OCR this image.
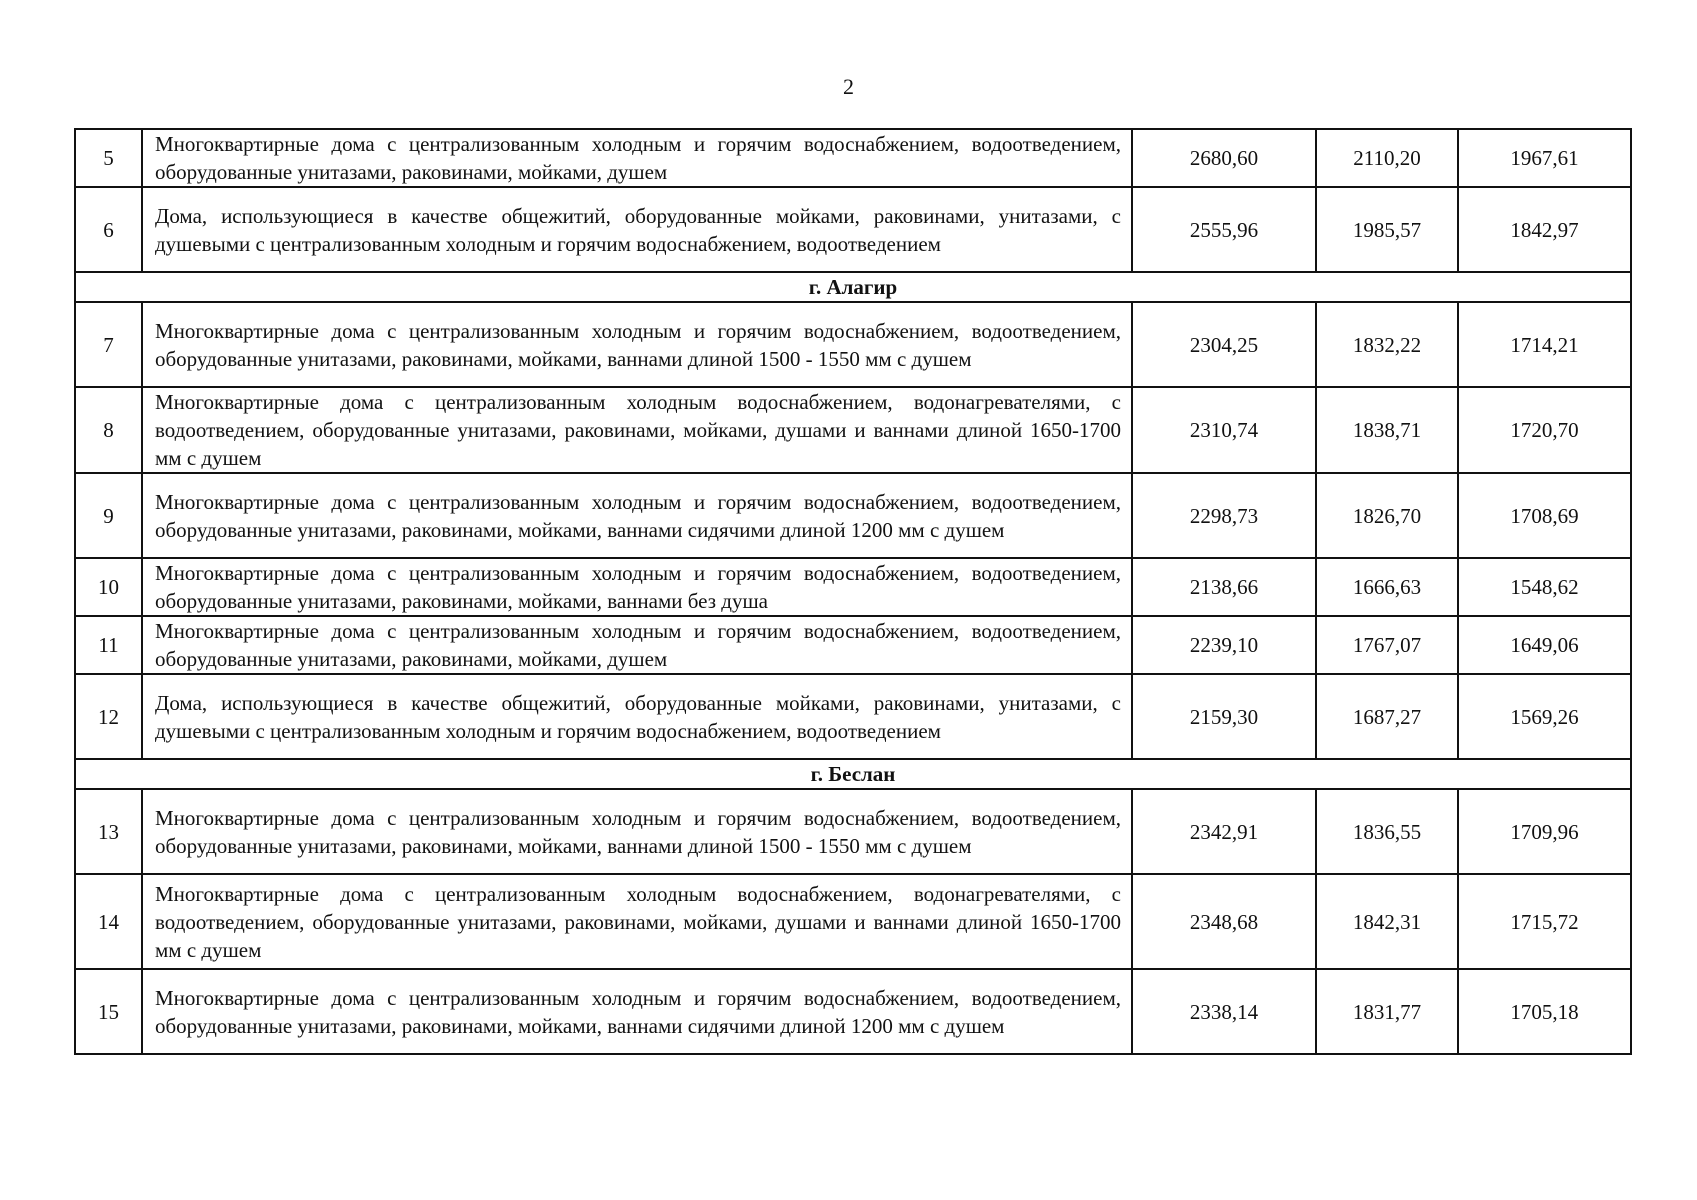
2
5	Многоквартирные дома с централизованным холодным и горячим водоснабжением, водоотведением, оборудованные унитазами, раковинами, мойками, душем	2680,60	2110,20	1967,61
6	Дома, использующиеся в качестве общежитий, оборудованные мойками, раковинами, унитазами, с душевыми с централизованным холодным и горячим водоснабжением, водоотведением	2555,96	1985,57	1842,97
г. Алагир				
7	Многоквартирные дома с централизованным холодным и горячим водоснабжением, водоотведением, оборудованные унитазами, раковинами, мойками, ваннами длиной 1500 - 1550 мм с душем	2304,25	1832,22	1714,21
8	Многоквартирные дома с централизованным холодным водоснабжением, водонагревателями, с водоотведением, оборудованные унитазами, раковинами, мойками, душами и ваннами длиной 1650-1700 мм с душем	2310,74	1838,71	1720,70
9	Многоквартирные дома с централизованным холодным и горячим водоснабжением, водоотведением, оборудованные унитазами, раковинами, мойками, ваннами сидячими длиной 1200 мм с душем	2298,73	1826,70	1708,69
10	Многоквартирные дома с централизованным холодным и горячим водоснабжением, водоотведением, оборудованные унитазами, раковинами, мойками, ваннами без душа	2138,66	1666,63	1548,62
11	Многоквартирные дома с централизованным холодным и горячим водоснабжением, водоотведением, оборудованные унитазами, раковинами, мойками, душем	2239,10	1767,07	1649,06
12	Дома, использующиеся в качестве общежитий, оборудованные мойками, раковинами, унитазами, с душевыми с централизованным холодным и горячим водоснабжением, водоотведением	2159,30	1687,27	1569,26
г. Беслан				
13	Многоквартирные дома с централизованным холодным и горячим водоснабжением, водоотведением, оборудованные унитазами, раковинами, мойками, ваннами длиной 1500 - 1550 мм с душем	2342,91	1836,55	1709,96
14	Многоквартирные дома с централизованным холодным водоснабжением, водонагревателями, с водоотведением, оборудованные унитазами, раковинами, мойками, душами и ваннами длиной 1650-1700 мм с душем	2348,68	1842,31	1715,72
15	Многоквартирные дома с централизованным холодным и горячим водоснабжением, водоотведением, оборудованные унитазами, раковинами, мойками, ваннами сидячими длиной 1200 мм с душем	2338,14	1831,77	1705,18
